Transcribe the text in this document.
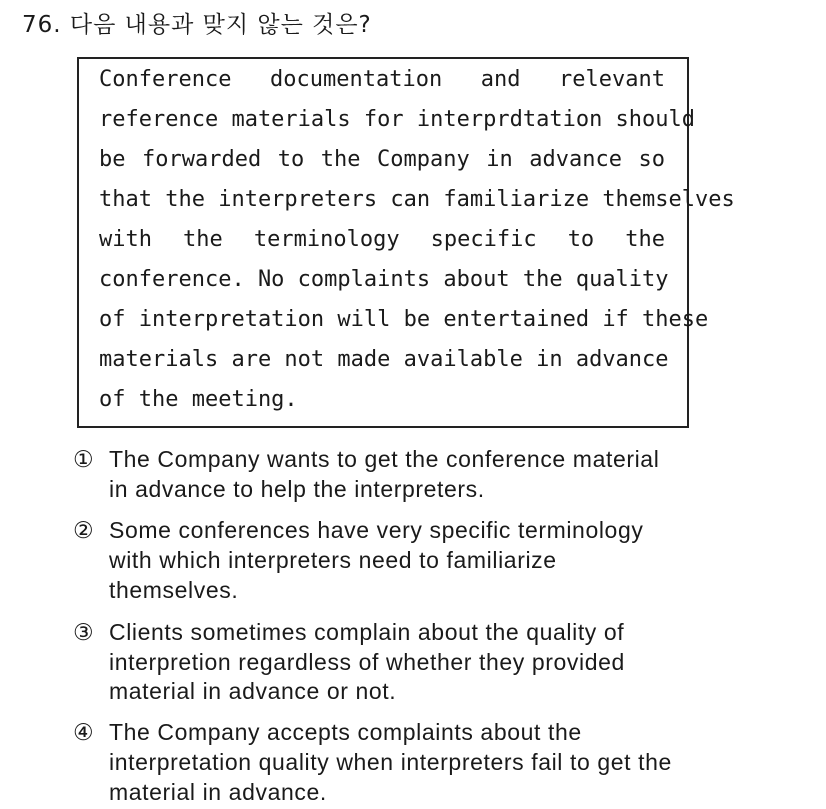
76. 다음 내용과 맞지 않는 것은?
Conference documentation and relevant
reference materials for interprdtation should
be forwarded to the Company in advance so
that the interpreters can familiarize themselves
with the terminology specific to the
conference. No complaints about the quality
of interpretation will be entertained if these
materials are not made available in advance
of the meeting.
① The Company wants to get the conference material
in advance to help the interpreters.
② Some conferences have very specific terminology
with which interpreters need to familiarize
themselves.
③ Clients sometimes complain about the quality of
interpretion regardless of whether they provided
material in advance or not.
④ The Company accepts complaints about the
interpretation quality when interpreters fail to get the
material in advance.
